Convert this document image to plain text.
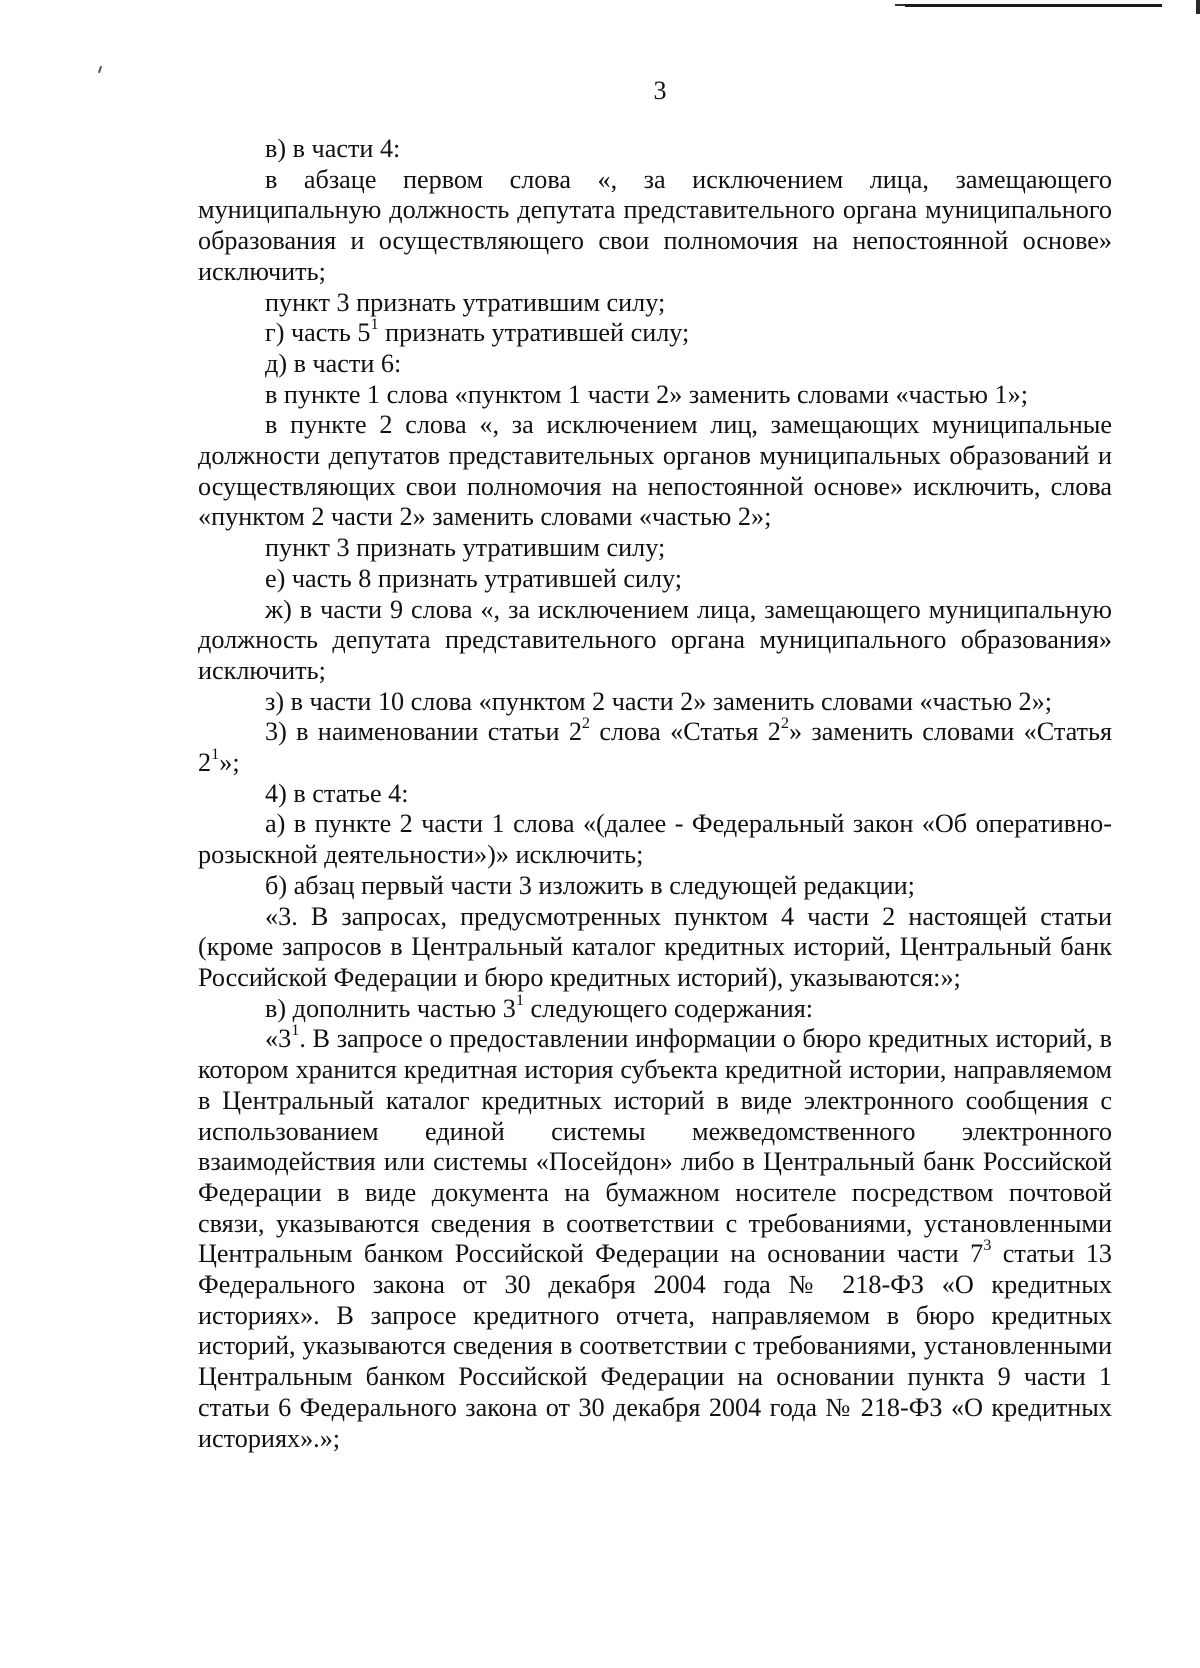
3

в) в части 4:

в абзаце первом слова «, за исключением лица, замещающего муниципальную должность депутата представительного органа муниципального образования и осуществляющего свои полномочия на непостоянной основе» исключить;

пункт 3 признать утратившим силу;

г) часть $5^1$ признать утратившей силу;

д) в части 6:

в пункте 1 слова «пунктом 1 части 2» заменить словами «частью 1»;

в пункте 2 слова «, за исключением лиц, замещающих муниципальные должности депутатов представительных органов муниципальных образований и осуществляющих свои полномочия на непостоянной основе» исключить, слова «пунктом 2 части 2» заменить словами «частью 2»;

пункт 3 признать утратившим силу;

е) часть 8 признать утратившей силу;

ж) в части 9 слова «, за исключением лица, замещающего муниципальную должность депутата представительного органа муниципального образования» исключить;

з) в части 10 слова «пунктом 2 части 2» заменить словами «частью 2»;

3) в наименовании статьи $2^2$ слова «Статья $2^2$» заменить словами «Статья $2^1$»;

4) в статье 4:

а) в пункте 2 части 1 слова «(далее - Федеральный закон «Об оперативно-розыскной деятельности»)» исключить;

б) абзац первый части 3 изложить в следующей редакции;

«3. В запросах, предусмотренных пунктом 4 части 2 настоящей статьи (кроме запросов в Центральный каталог кредитных историй, Центральный банк Российской Федерации и бюро кредитных историй), указываются:»;

в) дополнить частью $3^1$ следующего содержания:

«$3^1$. В запросе о предоставлении информации о бюро кредитных историй, в котором хранится кредитная история субъекта кредитной истории, направляемом в Центральный каталог кредитных историй в виде электронного сообщения с использованием единой системы межведомственного электронного взаимодействия или системы «Посейдон» либо в Центральный банк Российской Федерации в виде документа на бумажном носителе посредством почтовой связи, указываются сведения в соответствии с требованиями, установленными Центральным банком Российской Федерации на основании части $7^3$ статьи 13 Федерального закона от 30 декабря 2004 года № 218-ФЗ «О кредитных историях». В запросе кредитного отчета, направляемом в бюро кредитных историй, указываются сведения в соответствии с требованиями, установленными Центральным банком Российской Федерации на основании пункта 9 части 1 статьи 6 Федерального закона от 30 декабря 2004 года № 218-ФЗ «О кредитных историях».»;
